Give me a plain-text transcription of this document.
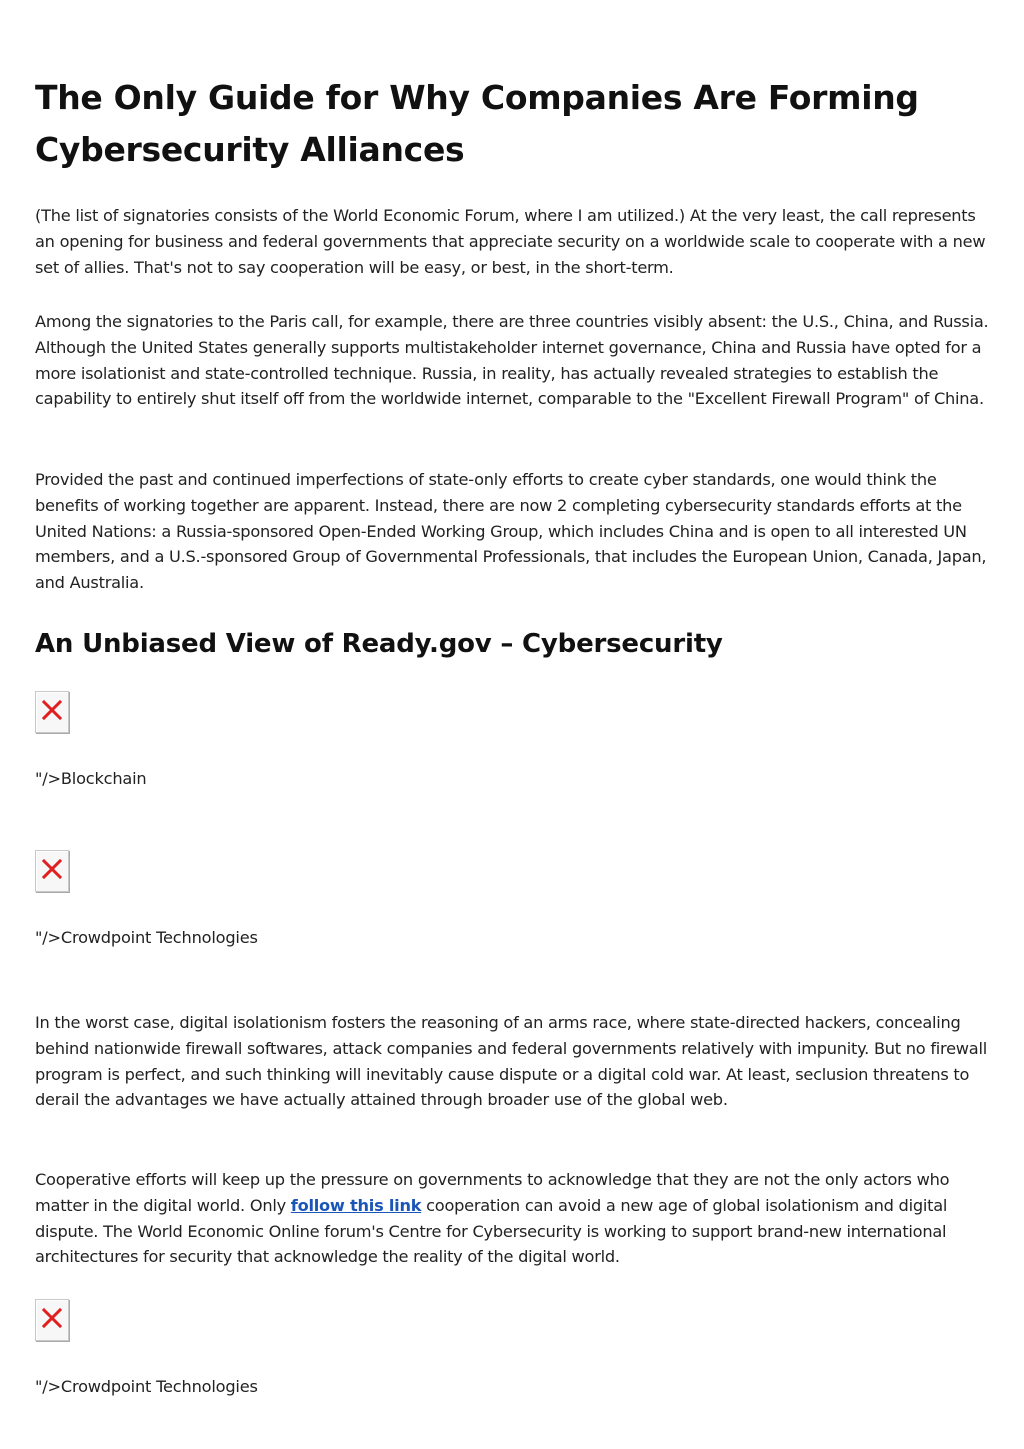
The Only Guide for Why Companies Are Forming Cybersecurity Alliances

(The list of signatories consists of the World Economic Forum, where I am utilized.) At the very least, the call represents an opening for business and federal governments that appreciate security on a worldwide scale to cooperate with a new set of allies. That's not to say cooperation will be easy, or best, in the short-term.

Among the signatories to the Paris call, for example, there are three countries visibly absent: the U.S., China, and Russia. Although the United States generally supports multistakeholder internet governance, China and Russia have opted for a more isolationist and state-controlled technique. Russia, in reality, has actually revealed strategies to establish the capability to entirely shut itself off from the worldwide internet, comparable to the "Excellent Firewall Program" of China.

Provided the past and continued imperfections of state-only efforts to create cyber standards, one would think the benefits of working together are apparent. Instead, there are now 2 completing cybersecurity standards efforts at the United Nations: a Russia-sponsored Open-Ended Working Group, which includes China and is open to all interested UN members, and a U.S.-sponsored Group of Governmental Professionals, that includes the European Union, Canada, Japan, and Australia.

An Unbiased View of Ready.gov – Cybersecurity

"/>Blockchain

"/>Crowdpoint Technologies

In the worst case, digital isolationism fosters the reasoning of an arms race, where state-directed hackers, concealing behind nationwide firewall softwares, attack companies and federal governments relatively with impunity. But no firewall program is perfect, and such thinking will inevitably cause dispute or a digital cold war. At least, seclusion threatens to derail the advantages we have actually attained through broader use of the global web.

Cooperative efforts will keep up the pressure on governments to acknowledge that they are not the only actors who matter in the digital world. Only follow this link cooperation can avoid a new age of global isolationism and digital dispute. The World Economic Online forum's Centre for Cybersecurity is working to support brand-new international architectures for security that acknowledge the reality of the digital world.

"/>Crowdpoint Technologies
